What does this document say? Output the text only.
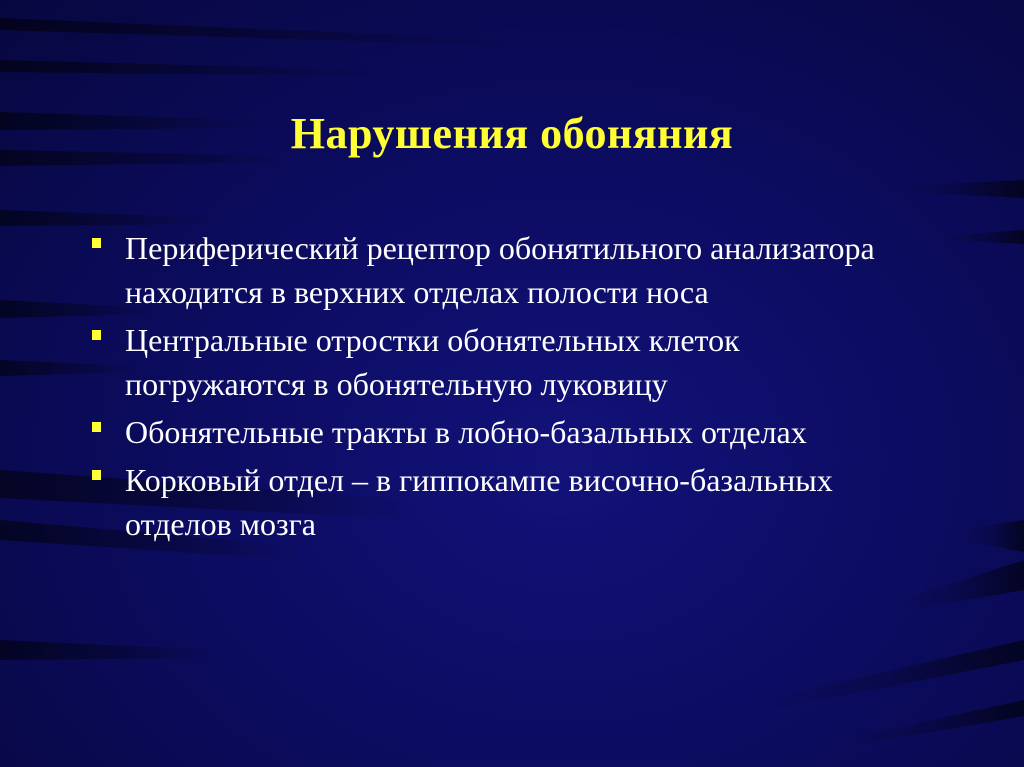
Нарушения обоняния
Периферический рецептор обонятильного анализатора находится в верхних отделах полости носа
Центральные отростки обонятельных клеток погружаются в обонятельную луковицу
Обонятельные тракты в лобно-базальных отделах
Корковый отдел – в гиппокампе височно-базальных отделов мозга
